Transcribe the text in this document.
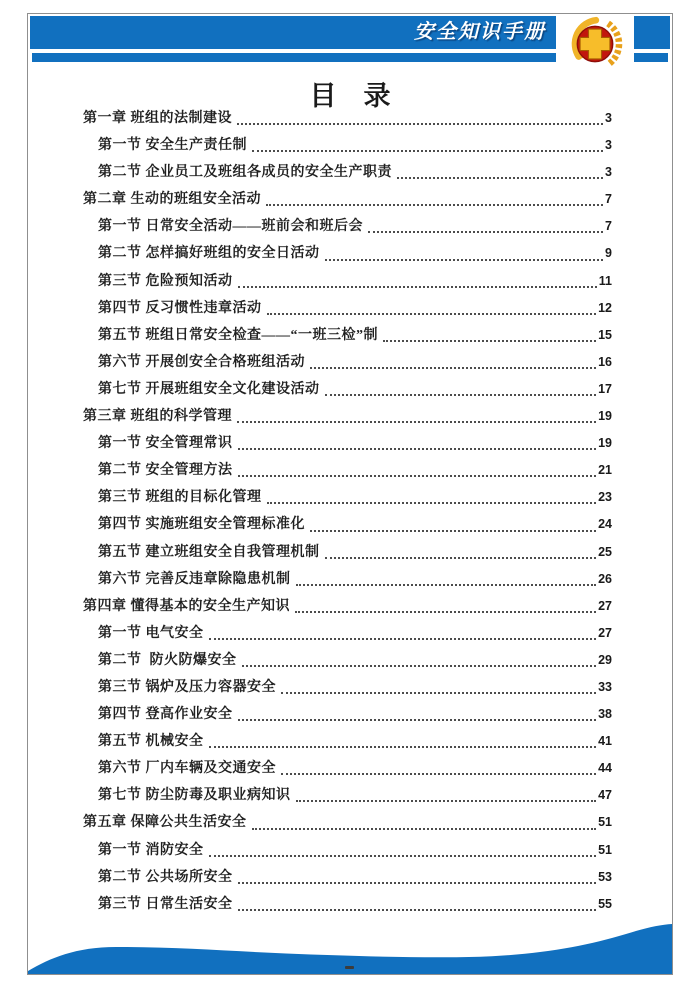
安全知识手册
目　录
第一章 班组的法制建设	3
第一节 安全生产责任制	3
第二节 企业员工及班组各成员的安全生产职责	3
第二章 生动的班组安全活动	7
第一节 日常安全活动——班前会和班后会	7
第二节 怎样搞好班组的安全日活动	9
第三节 危险预知活动	11
第四节 反习惯性违章活动	12
第五节 班组日常安全检查——“一班三检”制	15
第六节 开展创安全合格班组活动	16
第七节 开展班组安全文化建设活动	17
第三章 班组的科学管理	19
第一节 安全管理常识	19
第二节 安全管理方法	21
第三节 班组的目标化管理	23
第四节 实施班组安全管理标准化	24
第五节 建立班组安全自我管理机制	25
第六节 完善反违章除隐患机制	26
第四章 懂得基本的安全生产知识	27
第一节 电气安全	27
第二节  防火防爆安全	29
第三节 锅炉及压力容器安全	33
第四节 登高作业安全	38
第五节 机械安全	41
第六节 厂内车辆及交通安全	44
第七节 防尘防毒及职业病知识	47
第五章 保障公共生活安全	51
第一节 消防安全	51
第二节 公共场所安全	53
第三节 日常生活安全	55
